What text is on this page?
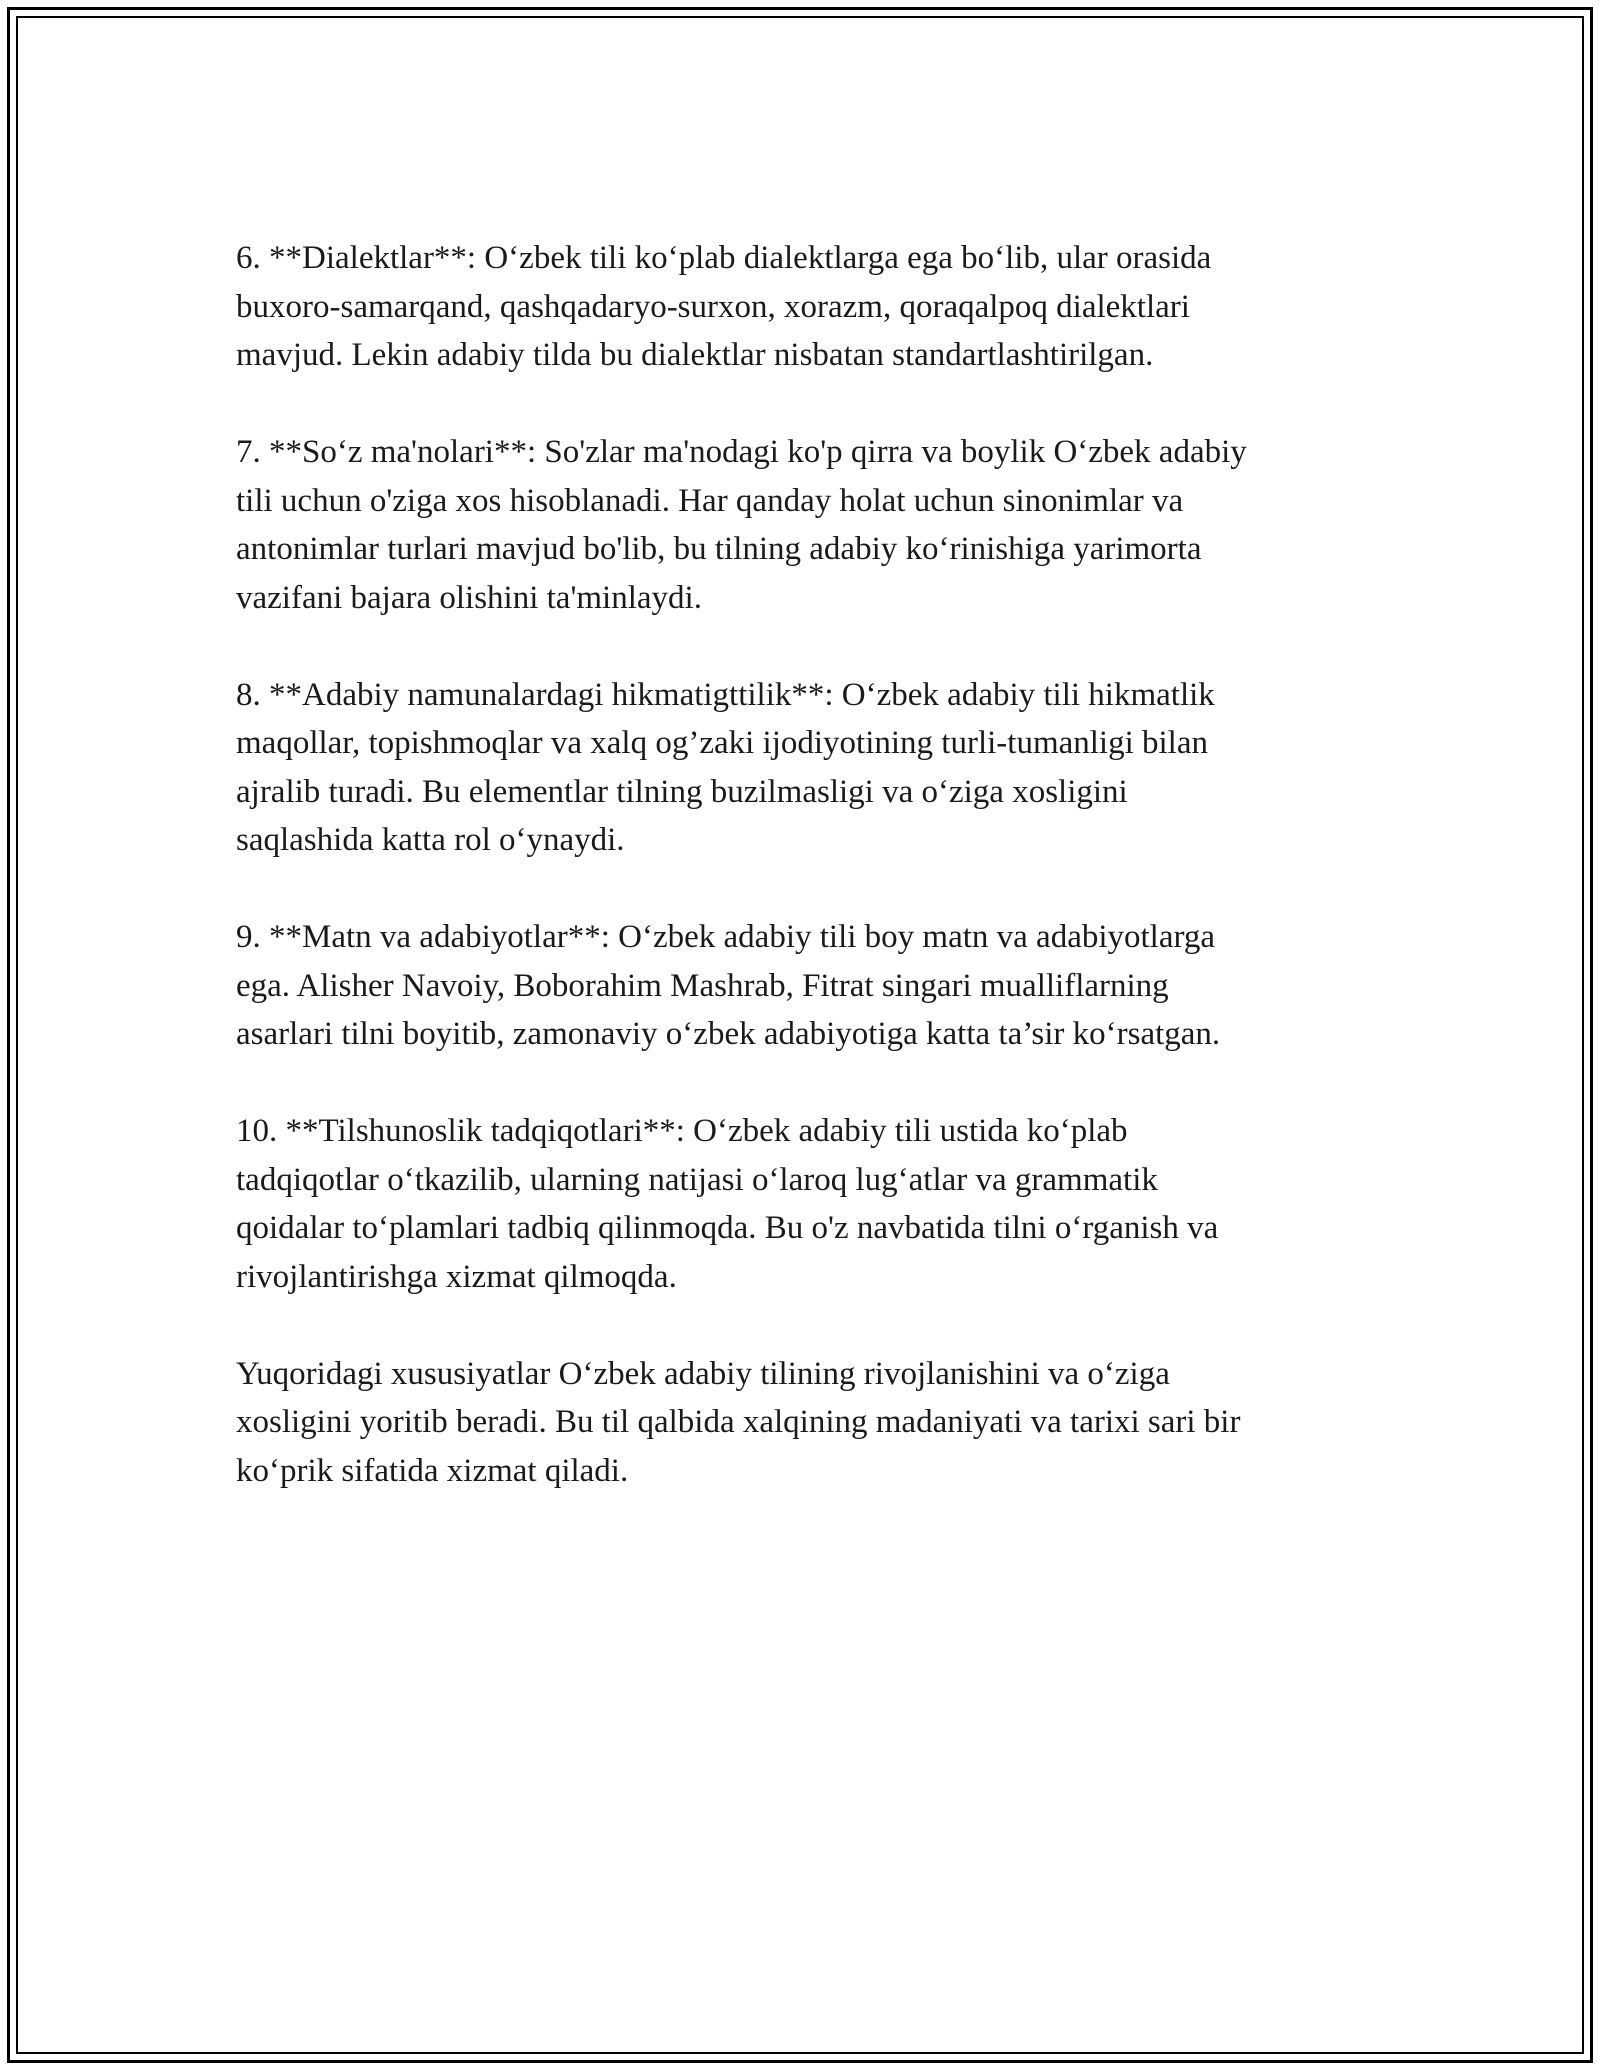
6. **Dialektlar**: O‘zbek tili ko‘plab dialektlarga ega bo‘lib, ular orasida
buxoro-samarqand, qashqadaryo-surxon, xorazm, qoraqalpoq dialektlari
mavjud. Lekin adabiy tilda bu dialektlar nisbatan standartlashtirilgan.

7. **So‘z ma'nolari**: So'zlar ma'nodagi ko'p qirra va boylik O‘zbek adabiy
tili uchun o'ziga xos hisoblanadi. Har qanday holat uchun sinonimlar va
antonimlar turlari mavjud bo'lib, bu tilning adabiy ko‘rinishiga yarimorta
vazifani bajara olishini ta'minlaydi.

8. **Adabiy namunalardagi hikmatigttilik**: O‘zbek adabiy tili hikmatlik
maqollar, topishmoqlar va xalq og’zaki ijodiyotining turli-tumanligi bilan
ajralib turadi. Bu elementlar tilning buzilmasligi va o‘ziga xosligini
saqlashida katta rol o‘ynaydi.

9. **Matn va adabiyotlar**: O‘zbek adabiy tili boy matn va adabiyotlarga
ega. Alisher Navoiy, Boborahim Mashrab, Fitrat singari mualliflarning
asarlari tilni boyitib, zamonaviy o‘zbek adabiyotiga katta ta’sir ko‘rsatgan.

10. **Tilshunoslik tadqiqotlari**: O‘zbek adabiy tili ustida ko‘plab
tadqiqotlar o‘tkazilib, ularning natijasi o‘laroq lug‘atlar va grammatik
qoidalar to‘plamlari tadbiq qilinmoqda. Bu o'z navbatida tilni o‘rganish va
rivojlantirishga xizmat qilmoqda.

Yuqoridagi xususiyatlar O‘zbek adabiy tilining rivojlanishini va o‘ziga
xosligini yoritib beradi. Bu til qalbida xalqining madaniyati va tarixi sari bir
ko‘prik sifatida xizmat qiladi.
